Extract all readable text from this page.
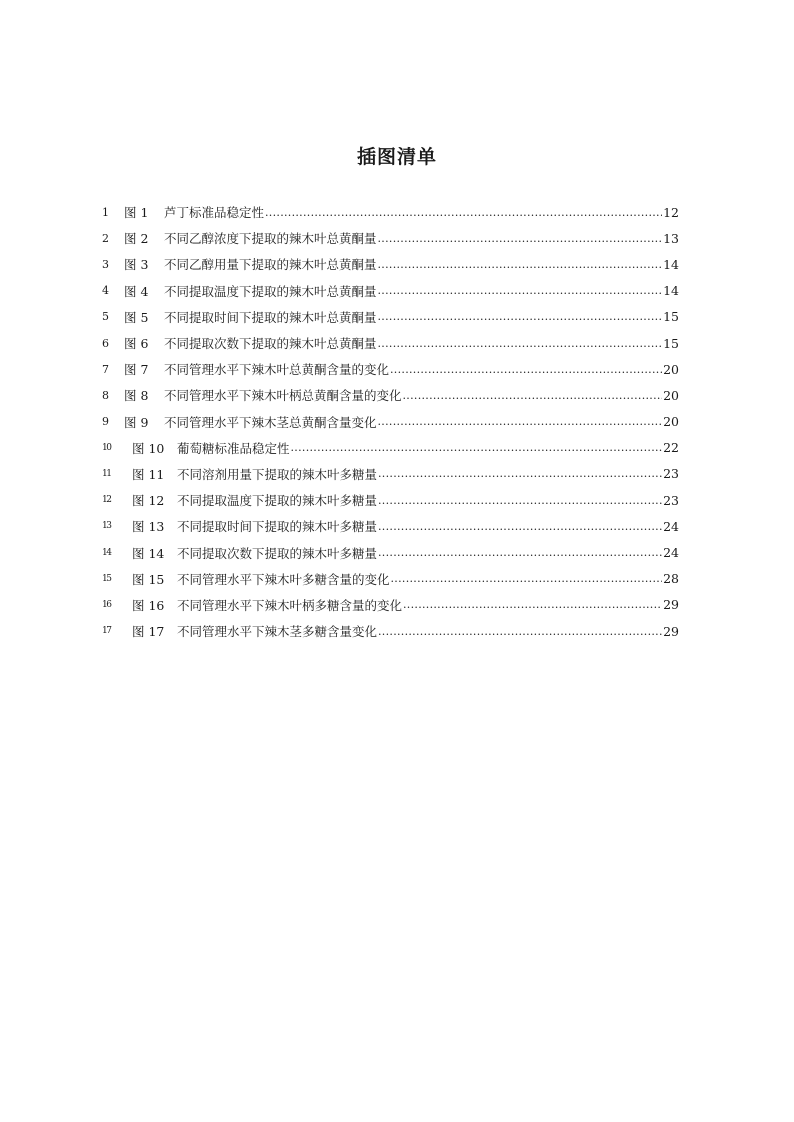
插图清单
1	图 1	芦丁标准品稳定性 .....	12
2	图 2	不同乙醇浓度下提取的辣木叶总黄酮量 .....	13
3	图 3	不同乙醇用量下提取的辣木叶总黄酮量 .....	14
4	图 4	不同提取温度下提取的辣木叶总黄酮量 .....	14
5	图 5	不同提取时间下提取的辣木叶总黄酮量 .....	15
6	图 6	不同提取次数下提取的辣木叶总黄酮量 .....	15
7	图 7	不同管理水平下辣木叶总黄酮含量的变化 .....	20
8	图 8	不同管理水平下辣木叶柄总黄酮含量的变化 .....	20
9	图 9	不同管理水平下辣木茎总黄酮含量变化 .....	20
10	图 10	葡萄糖标准品稳定性 .....	22
11	图 11	不同溶剂用量下提取的辣木叶多糖量 .....	23
12	图 12	不同提取温度下提取的辣木叶多糖量 .....	23
13	图 13	不同提取时间下提取的辣木叶多糖量 .....	24
14	图 14	不同提取次数下提取的辣木叶多糖量 .....	24
15	图 15	不同管理水平下辣木叶多糖含量的变化 .....	28
16	图 16	不同管理水平下辣木叶柄多糖含量的变化 .....	29
17	图 17	不同管理水平下辣木茎多糖含量变化 .....	29
